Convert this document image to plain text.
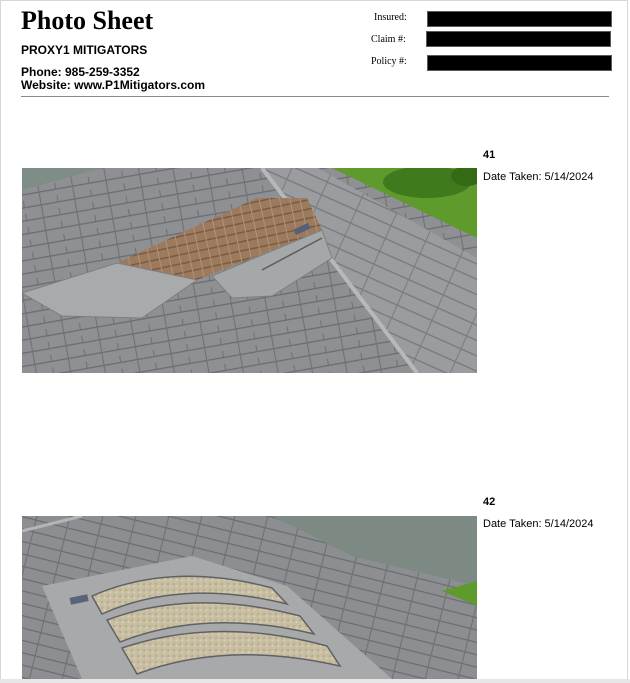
Photo Sheet
PROXY1 MITIGATORS
Phone: 985-259-3352
Website: www.P1Mitigators.com
Insured:
Claim #:
Policy #:
41
Date Taken: 5/14/2024
42
Date Taken: 5/14/2024
